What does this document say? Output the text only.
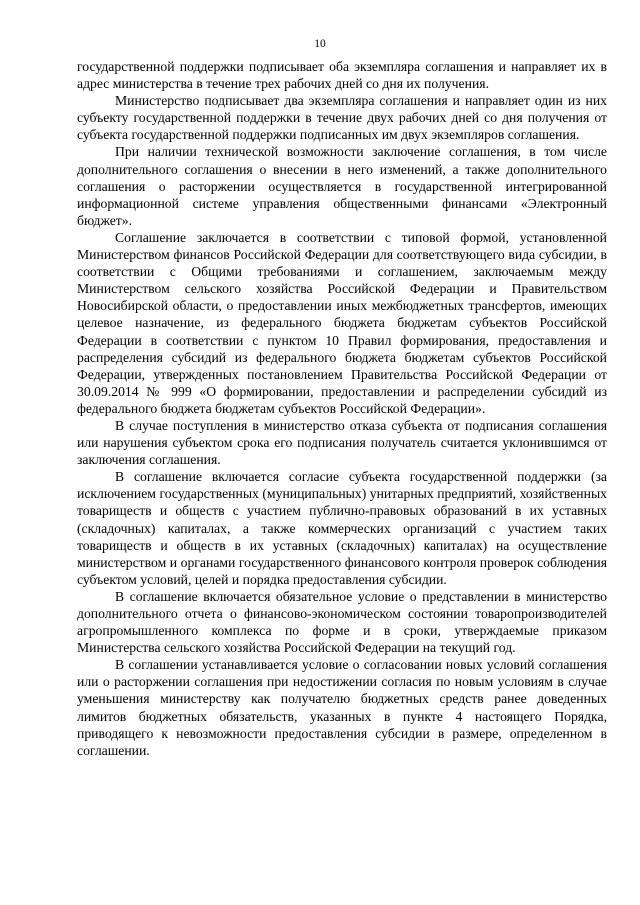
10

государственной поддержки подписывает оба экземпляра соглашения и направляет их в адрес министерства в течение трех рабочих дней со дня их получения.

Министерство подписывает два экземпляра соглашения и направляет один из них субъекту государственной поддержки в течение двух рабочих дней со дня получения от субъекта государственной поддержки подписанных им двух экземпляров соглашения.

При наличии технической возможности заключение соглашения, в том числе дополнительного соглашения о внесении в него изменений, а также дополнительного соглашения о расторжении осуществляется в государственной интегрированной информационной системе управления общественными финансами «Электронный бюджет».

Соглашение заключается в соответствии с типовой формой, установленной Министерством финансов Российской Федерации для соответствующего вида субсидии, в соответствии с Общими требованиями и соглашением, заключаемым между Министерством сельского хозяйства Российской Федерации и Правительством Новосибирской области, о предоставлении иных межбюджетных трансфертов, имеющих целевое назначение, из федерального бюджета бюджетам субъектов Российской Федерации в соответствии с пунктом 10 Правил формирования, предоставления и распределения субсидий из федерального бюджета бюджетам субъектов Российской Федерации, утвержденных постановлением Правительства Российской Федерации от 30.09.2014 № 999 «О формировании, предоставлении и распределении субсидий из федерального бюджета бюджетам субъектов Российской Федерации».

В случае поступления в министерство отказа субъекта от подписания соглашения или нарушения субъектом срока его подписания получатель считается уклонившимся от заключения соглашения.

В соглашение включается согласие субъекта государственной поддержки (за исключением государственных (муниципальных) унитарных предприятий, хозяйственных товариществ и обществ с участием публично-правовых образований в их уставных (складочных) капиталах, а также коммерческих организаций с участием таких товариществ и обществ в их уставных (складочных) капиталах) на осуществление министерством и органами государственного финансового контроля проверок соблюдения субъектом условий, целей и порядка предоставления субсидии.

В соглашение включается обязательное условие о представлении в министерство дополнительного отчета о финансово-экономическом состоянии товаропроизводителей агропромышленного комплекса по форме и в сроки, утверждаемые приказом Министерства сельского хозяйства Российской Федерации на текущий год.

В соглашении устанавливается условие о согласовании новых условий соглашения или о расторжении соглашения при недостижении согласия по новым условиям в случае уменьшения министерству как получателю бюджетных средств ранее доведенных лимитов бюджетных обязательств, указанных в пункте 4 настоящего Порядка, приводящего к невозможности предоставления субсидии в размере, определенном в соглашении.
